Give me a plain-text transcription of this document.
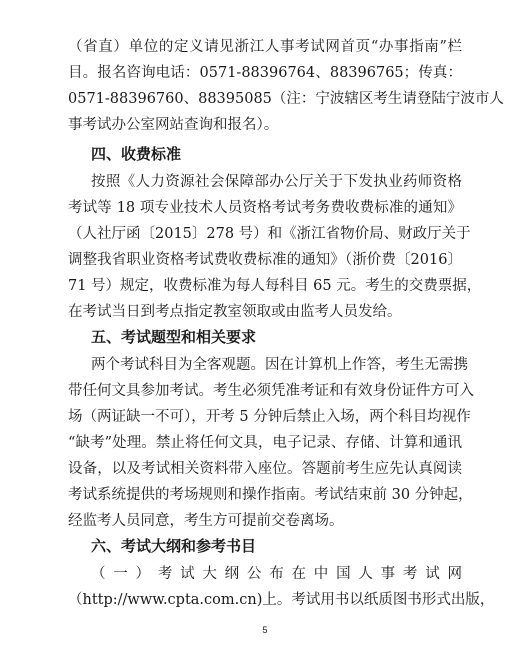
（省直）单位的定义请见浙江人事考试网首页“办事指南”栏
目。报名咨询电话：0571-88396764、88396765；传真：
0571-88396760、88395085（注：宁波辖区考生请登陆宁波市人
事考试办公室网站查询和报名）。
四、收费标准
按照《人力资源社会保障部办公厅关于下发执业药师资格
考试等 18 项专业技术人员资格考试考务费收费标准的通知》
（人社厅函〔2015〕278 号）和《浙江省物价局、财政厅关于
调整我省职业资格考试费收费标准的通知》（浙价费〔2016〕
71 号）规定，收费标准为每人每科目 65 元。考生的交费票据，
在考试当日到考点指定教室领取或由监考人员发给。
五、考试题型和相关要求
两个考试科目为全客观题。因在计算机上作答，考生无需携
带任何文具参加考试。考生必须凭准考证和有效身份证件方可入
场（两证缺一不可），开考 5 分钟后禁止入场，两个科目均视作
“缺考”处理。禁止将任何文具，电子记录、存储、计算和通讯
设备，以及考试相关资料带入座位。答题前考生应先认真阅读
考试系统提供的考场规则和操作指南。考试结束前 30 分钟起，
经监考人员同意，考生方可提前交卷离场。
六、考试大纲和参考书目
（一）考试大纲公布在中国人事考试网
（http://www.cpta.com.cn)上。考试用书以纸质图书形式出版，
5
